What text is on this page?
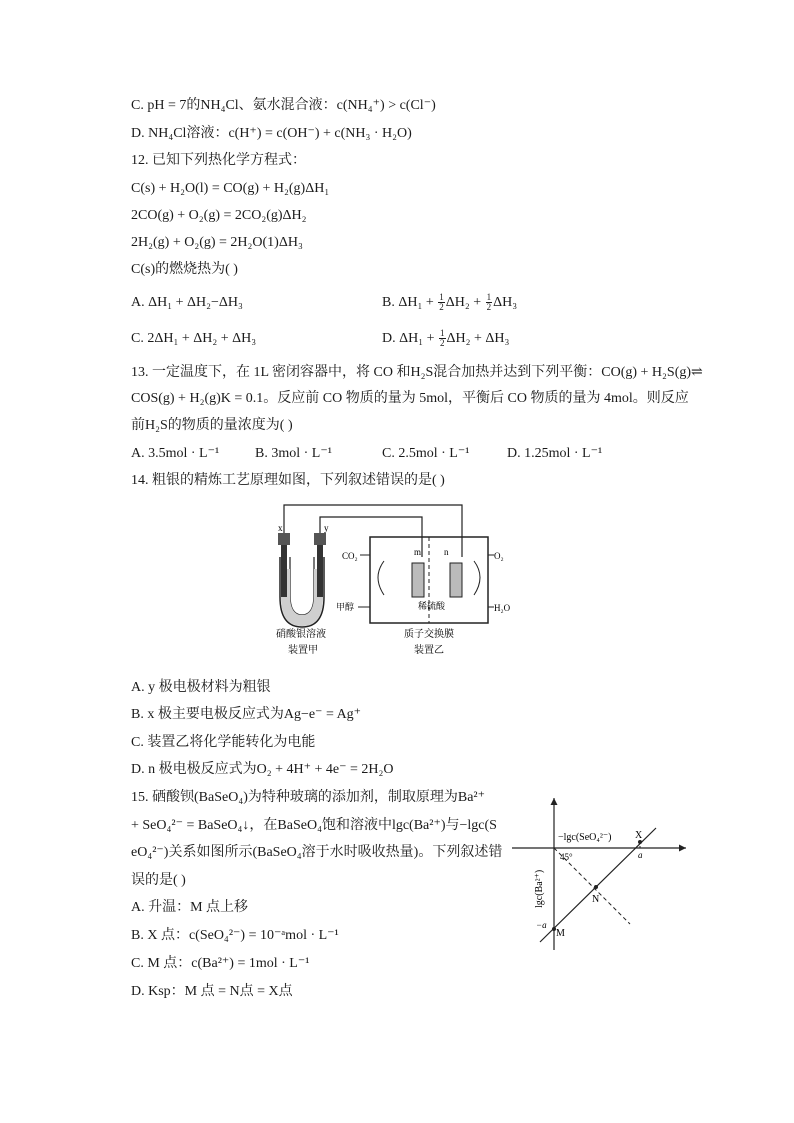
C. pH = 7的NH₄Cl、氨水混合液：c(NH₄⁺) > c(Cl⁻)
D. NH₄Cl溶液：c(H⁺) = c(OH⁻) + c(NH₃ · H₂O)
12. 已知下列热化学方程式：
C(s) + H₂O(l) = CO(g) + H₂(g)ΔH₁
2CO(g) + O₂(g) = 2CO₂(g)ΔH₂
2H₂(g) + O₂(g) = 2H₂O(1)ΔH₃
C(s)的燃烧热为( )
A. ΔH₁ + ΔH₂−ΔH₃	B. $\Delta H_1 + \frac{1}{2} \Delta H_2 + \frac{1}{2} \Delta H_3$
C. 2ΔH₁ + ΔH₂ + ΔH₃	D. $\Delta H_1 + \frac{1}{2} \Delta H_2 + \Delta H_3$
13. 一定温度下，在 1L 密闭容器中，将 CO 和H₂S混合加热并达到下列平衡：CO(g) + H₂S(g)⇌
COS(g) + H₂(g)K = 0.1。反应前 CO 物质的量为 5mol，平衡后 CO 物质的量为 4mol。则反应
前H₂S的物质的量浓度为( )
A. 3.5mol · L⁻¹	B. 3mol · L⁻¹	C. 2.5mol · L⁻¹	D. 1.25mol · L⁻¹
14. 粗银的精炼工艺原理如图，下列叙述错误的是( )
x	y
m	n
CO₂	O₂
甲醇	稀硫酸	H₂O
硝酸银溶液	质子交换膜
装置甲	装置乙
A. y 极电极材料为粗银
B. x 极主要电极反应式为Ag−e⁻ = Ag⁺
C. 装置乙将化学能转化为电能
D. n 极电极反应式为O₂ + 4H⁺ + 4e⁻ = 2H₂O
15. 硒酸钡(BaSeO₄)为特种玻璃的添加剂，制取原理为Ba²⁺
+ SeO₄²⁻ = BaSeO₄↓，在BaSeO₄饱和溶液中lgc(Ba²⁺)与−lgc(S
eO₄²⁻)关系如图所示(BaSeO₄溶于水时吸收热量)。下列叙述错
误的是( )
A. 升温：M 点上移
B. X 点：c(SeO₄²⁻) = 10⁻ᵃmol · L⁻¹
C. M 点：c(Ba²⁺) = 1mol · L⁻¹
D. Ksp：M 点 = N点 = X点
−lgc(SeO₄²⁻) X
a
45°
N
−a
M
lgc(Ba²⁺)
